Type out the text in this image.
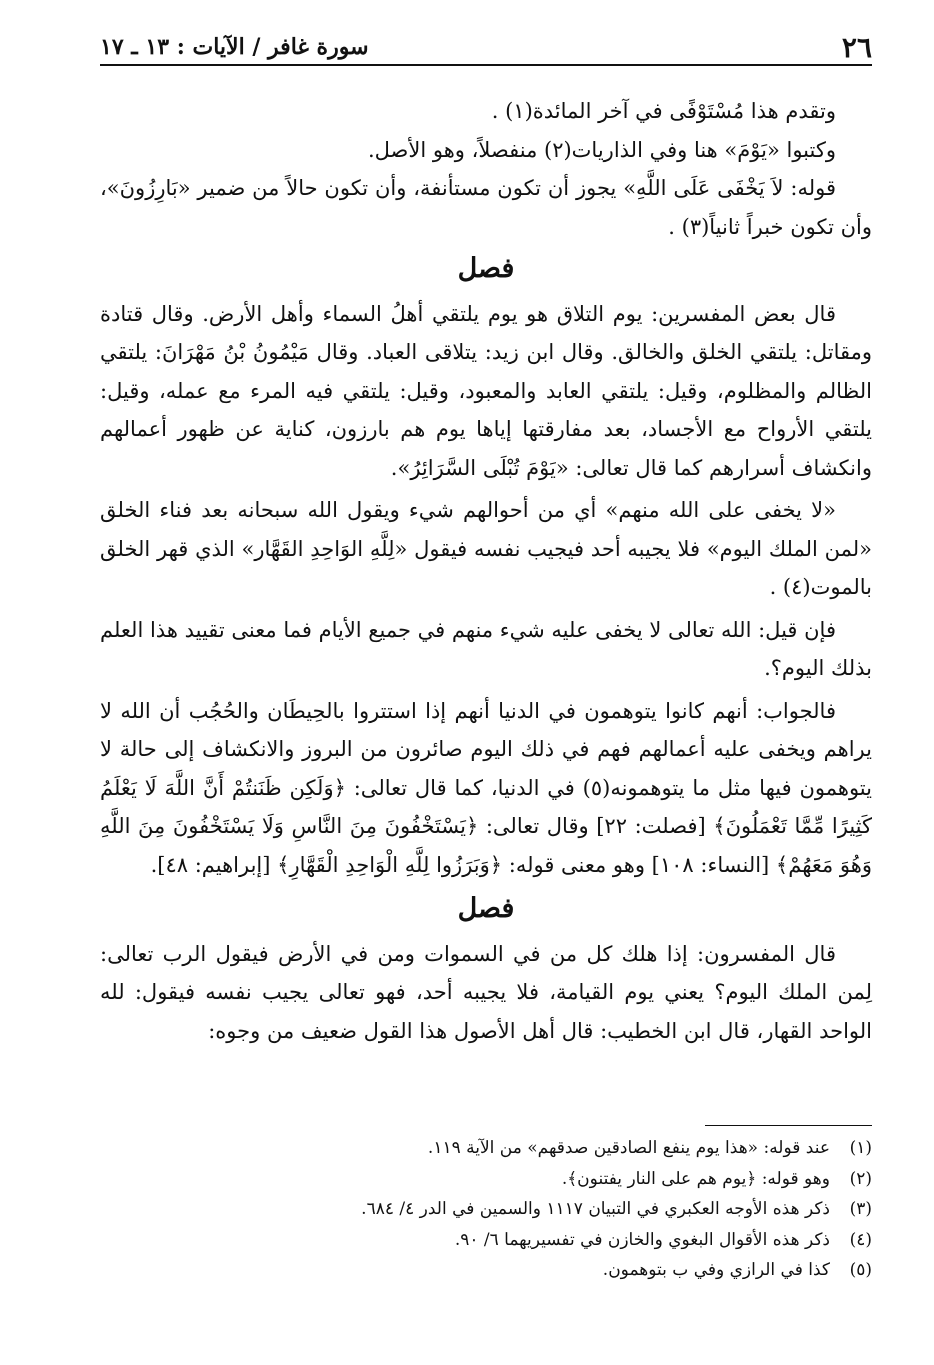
٢٦
سورة غافر / الآيات : ١٣ ـ ١٧

وتقدم هذا مُسْتَوْفًى في آخر المائدة(١) .

وكتبوا «يَوْمَ» هنا وفي الذاريات(٢) منفصلاً، وهو الأصل.

قوله: لاَ يَخْفَى عَلَى اللَّهِ» يجوز أن تكون مستأنفة، وأن تكون حالاً من ضمير «بَارِزُونَ»، وأن تكون خبراً ثانياً(٣) .

فصل

قال بعض المفسرين: يوم التلاق هو يوم يلتقي أهلُ السماء وأهل الأرض. وقال قتادة ومقاتل: يلتقي الخلق والخالق. وقال ابن زيد: يتلاقى العباد. وقال مَيْمُونُ بْنُ مَهْرَانَ: يلتقي الظالم والمظلوم، وقيل: يلتقي العابد والمعبود، وقيل: يلتقي فيه المرء مع عمله، وقيل: يلتقي الأرواح مع الأجساد، بعد مفارقتها إياها يوم هم بارزون، كناية عن ظهور أعمالهم وانكشاف أسرارهم كما قال تعالى: «يَوْمَ تُبْلَى السَّرَائِرُ».

«لا يخفى على الله منهم» أي من أحوالهم شيء ويقول الله سبحانه بعد فناء الخلق «لمن الملك اليوم» فلا يجيبه أحد فيجيب نفسه فيقول «لِلَّهِ الوَاحِدِ القَهَّار» الذي قهر الخلق بالموت(٤) .

فإن قيل: الله تعالى لا يخفى عليه شيء منهم في جميع الأيام فما معنى تقييد هذا العلم بذلك اليوم؟.

فالجواب: أنهم كانوا يتوهمون في الدنيا أنهم إذا استتروا بالحِيطَان والحُجُب أن الله لا يراهم ويخفى عليه أعمالهم فهم في ذلك اليوم صائرون من البروز والانكشاف إلى حالة لا يتوهمون فيها مثل ما يتوهمونه(٥) في الدنيا، كما قال تعالى: ﴿وَلَكِن ظَنَنتُمْ أَنَّ اللَّهَ لَا يَعْلَمُ كَثِيرًا مِّمَّا تَعْمَلُونَ﴾ [فصلت: ٢٢] وقال تعالى: ﴿يَسْتَخْفُونَ مِنَ النَّاسِ وَلَا يَسْتَخْفُونَ مِنَ اللَّهِ وَهُوَ مَعَهُمْ﴾ [النساء: ١٠٨] وهو معنى قوله: ﴿وَبَرَزُوا لِلَّهِ الْوَاحِدِ الْقَهَّارِ﴾ [إبراهيم: ٤٨].

فصل

قال المفسرون: إذا هلك كل من في السموات ومن في الأرض فيقول الرب تعالى: لِمن الملك اليوم؟ يعني يوم القيامة، فلا يجيبه أحد، فهو تعالى يجيب نفسه فيقول: لله الواحد القهار، قال ابن الخطيب: قال أهل الأصول هذا القول ضعيف من وجوه:

(١)
عند قوله: «هذا يوم ينفع الصادقين صدقهم» من الآية ١١٩.
(٢)
وهو قوله: ﴿يوم هم على النار يفتنون﴾.
(٣)
ذكر هذه الأوجه العكبري في التبيان ١١١٧ والسمين في الدر ٤/ ٦٨٤.
(٤)
ذكر هذه الأقوال البغوي والخازن في تفسيريهما ٦/ ٩٠.
(٥)
كذا في الرازي وفي ب بتوهمون.
